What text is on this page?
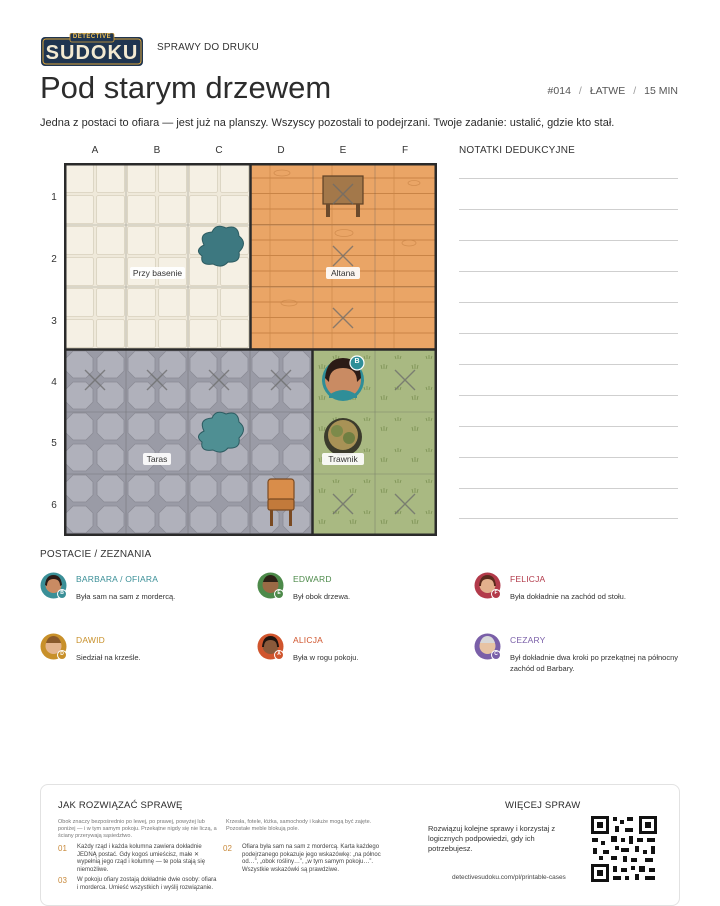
DETECTIVE
SUDOKU	SPRAWY DO DRUKU
Pod starym drzewem	#014 / ŁATWE / 15 MIN
Jedna z postaci to ofiara — jest już na planszy. Wszyscy pozostali to podejrzani. Twoje zadanie: ustalić, gdzie kto stał.
A	B	C	D	E	F
1
2
3
4
5
6
Przy basenie	Altana
Taras	Trawnik
B
NOTATKI DEDUKCYJNE
POSTACIE / ZEZNANIA
B
BARBARA / OFIARA
Była sam na sam z mordercą.	E
EDWARD
Był obok drzewa.	F
FELICJA
Była dokładnie na zachód od stołu.
D
DAWID
Siedział na krześle.	A
ALICJA
Była w rogu pokoju.	C
CEZARY
Był dokładnie dwa kroki po przekątnej na północny zachód od Barbary.
JAK ROZWIĄZAĆ SPRAWĘ
Obok znaczy bezpośrednio po lewej, po prawej, powyżej lub poniżej — i w tym samym pokoju. Przekątne nigdy się nie liczą, a ściany przerywają sąsiedztwo.
Krzesła, fotele, łóżka, samochody i kałuże mogą być zajęte. Pozostałe meble blokują pole.
01 Każdy rząd i każda kolumna zawiera dokładnie JEDNĄ postać. Gdy kogoś umieścisz, małe ✕ wypełnią jego rząd i kolumnę — te pola stają się niemożliwe.
02 Ofiara była sam na sam z mordercą. Karta każdego podejrzanego pokazuje jego wskazówkę: „na północ od…”, „obok rośliny…”, „w tym samym pokoju…”. Wszystkie wskazówki są prawdziwe.
03 W pokoju ofiary zostają dokładnie dwie osoby: ofiara i morderca. Umieść wszystkich i wyślij rozwiązanie.
WIĘCEJ SPRAW
Rozwiązuj kolejne sprawy i korzystaj z logicznych podpowiedzi, gdy ich potrzebujesz.
detectivesudoku.com/pl/printable-cases
